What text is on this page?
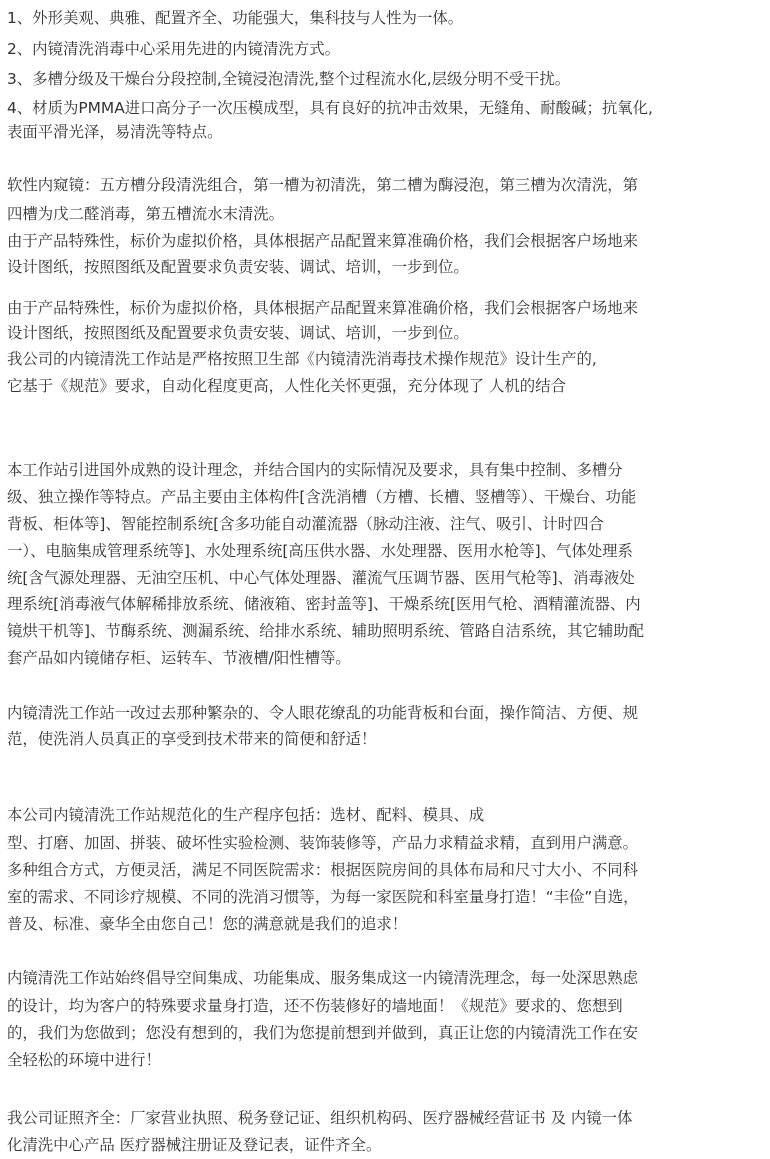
1、外形美观、典雅、配置齐全、功能强大，集科技与人性为一体。
2、内镜清洗消毒中心采用先进的内镜清洗方式。
3、多槽分级及干燥台分段控制,全镜浸泡清洗,整个过程流水化,层级分明不受干扰。
4、材质为PMMA进口高分子一次压模成型，具有良好的抗冲击效果，无缝角、耐酸碱；抗氧化,
表面平滑光泽，易清洗等特点。
软性内窥镜：五方槽分段清洗组合，第一槽为初清洗，第二槽为酶浸泡，第三槽为次清洗，第
四槽为戊二醛消毒，第五槽流水末清洗。
由于产品特殊性，标价为虚拟价格，具体根据产品配置来算准确价格，我们会根据客户场地来
设计图纸，按照图纸及配置要求负责安装、调试、培训，一步到位。
由于产品特殊性，标价为虚拟价格，具体根据产品配置来算准确价格，我们会根据客户场地来
设计图纸，按照图纸及配置要求负责安装、调试、培训，一步到位。
我公司的内镜清洗工作站是严格按照卫生部《内镜清洗消毒技术操作规范》设计生产的,
它基于《规范》要求，自动化程度更高，人性化关怀更强，充分体现了 人机的结合
本工作站引进国外成熟的设计理念，并结合国内的实际情况及要求，具有集中控制、多槽分
级、独立操作等特点。产品主要由主体构件[含洗消槽（方槽、长槽、竖槽等）、干燥台、功能
背板、柜体等]、智能控制系统[含多功能自动灌流器（脉动注液、注气、吸引、计时四合
一）、电脑集成管理系统等]、水处理系统[高压供水器、水处理器、医用水枪等]、气体处理系
统[含气源处理器、无油空压机、中心气体处理器、灌流气压调节器、医用气枪等]、消毒液处
理系统[消毒液气体解稀排放系统、储液箱、密封盖等]、干燥系统[医用气枪、酒精灌流器、内
镜烘干机等]、节酶系统、测漏系统、给排水系统、辅助照明系统、管路自洁系统，其它辅助配
套产品如内镜储存柜、运转车、节液槽/阳性槽等。
内镜清洗工作站一改过去那种繁杂的、令人眼花缭乱的功能背板和台面，操作简洁、方便、规
范，使洗消人员真正的享受到技术带来的简便和舒适！
本公司内镜清洗工作站规范化的生产程序包括：选材、配料、模具、成
型、打磨、加固、拼装、破坏性实验检测、装饰装修等，产品力求精益求精，直到用户满意。
多种组合方式，方便灵活，满足不同医院需求：根据医院房间的具体布局和尺寸大小、不同科
室的需求、不同诊疗规模、不同的洗消习惯等，为每一家医院和科室量身打造！“丰俭”自选，
普及、标准、豪华全由您自己！您的满意就是我们的追求！
内镜清洗工作站始终倡导空间集成、功能集成、服务集成这一内镜清洗理念，每一处深思熟虑
的设计，均为客户的特殊要求量身打造，还不伤装修好的墙地面！《规范》要求的、您想到
的，我们为您做到；您没有想到的，我们为您提前想到并做到，真正让您的内镜清洗工作在安
全轻松的环境中进行！
我公司证照齐全：厂家营业执照、税务登记证、组织机构码、医疗器械经营证书 及 内镜一体
化清洗中心产品 医疗器械注册证及登记表，证件齐全。
